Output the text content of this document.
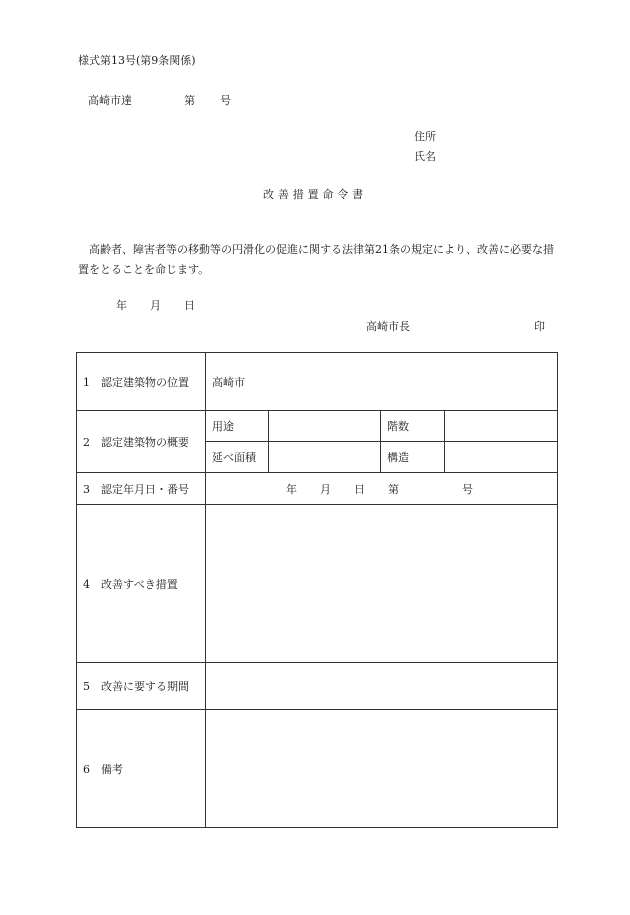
様式第13号(第9条関係)
高崎市達	第 号
住所
氏名
改善措置命令書
高齢者、障害者等の移動等の円滑化の促進に関する法律第21条の規定により、改善に必要な措置をとることを命じます。
年 月 日
高崎市長	印
1 認定建築物の位置	高崎市			
2 認定建築物の概要	用途		階数	
	延べ面積		構造	
3 認定年月日・番号	年 月 日 第 号			
4 改善すべき措置				
5 改善に要する期間				
6 備考				
